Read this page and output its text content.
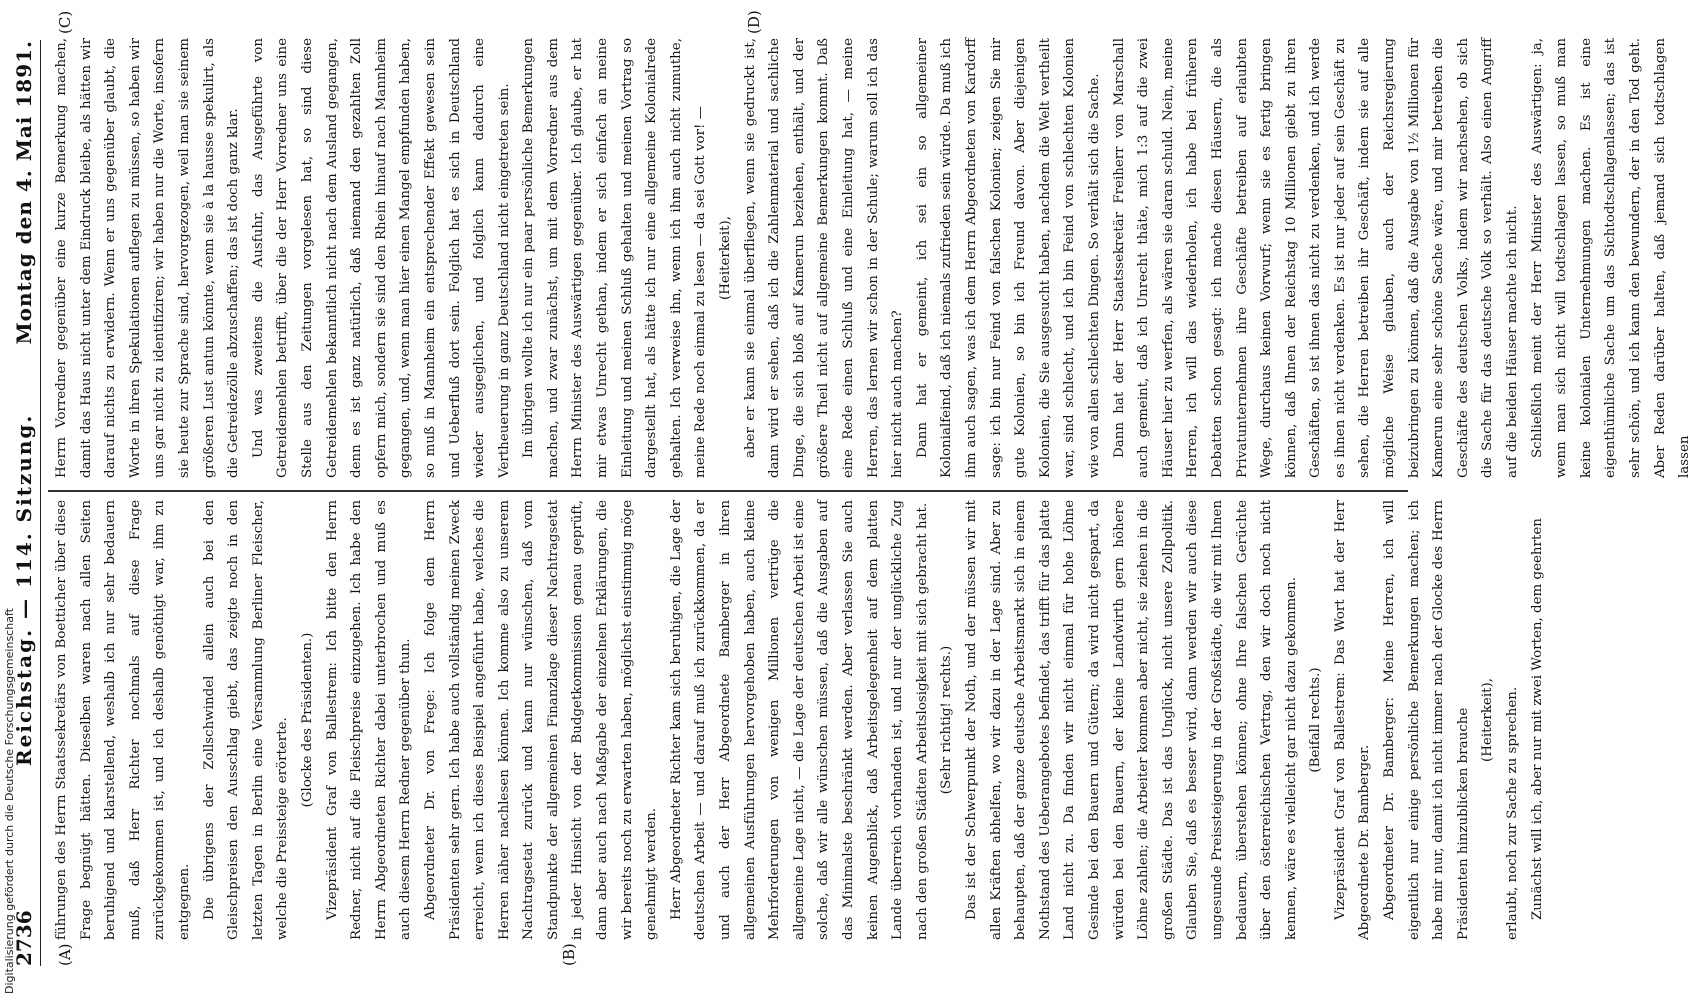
2736
Reichstag. — 114. Sitzung.
Montag den 4. Mai 1891.
(A)	(B)
(C)	(D)

führungen des Herrn Staatssekretärs von Boetticher über diese Frage begnügt hätten. Dieselben waren nach allen Seiten beruhigend und klarstellend, weshalb ich nur sehr bedauern muß, daß Herr Richter nochmals auf diese Frage zurückgekommen ist, und ich deshalb genöthigt war, ihm zu entgegnen. Die übrigens der Zollschwindel allein auch bei den Gleischpreisen den Ausschlag giebt, das zeigte noch in den letzten Tagen in Berlin eine Versammlung Berliner Fleischer, welche die Preissteige erörterte. (Glocke des Präsidenten.) Vizepräsident Graf von Ballestrem: Ich bitte den Herrn Redner, nicht auf die Fleischpreise einzugehen. Ich habe den Herrn Abgeordneten Richter dabei unterbrochen und muß es auch diesem Herrn Redner gegenüber thun. Abgeordneter Dr. von Frege: Ich folge dem Herrn Präsidenten sehr gern. Ich habe auch vollständig meinen Zweck erreicht, wenn ich dieses Beispiel angeführt habe, welches die Herren näher nachlesen können. Ich komme also zu unserem Nachtragsetat zurück und kann nur wünschen, daß vom Standpunkte der allgemeinen Finanzlage dieser Nachtragsetat in jeder Hinsicht von der Budgetkommission genau geprüft, dann aber auch nach Maßgabe der einzelnen Erklärungen, die wir bereits noch zu erwarten haben, möglichst einstimmig möge genehmigt werden. Herr Abgeordneter Richter kam sich beruhigen, die Lage der deutschen Arbeit — und darauf muß ich zurückkommen, da er und auch der Herr Abgeordnete Bamberger in ihren allgemeinen Ausführungen hervorgehoben haben, auch kleine Mehrforderungen von wenigen Millionen vertrüge die allgemeine Lage nicht, — die Lage der deutschen Arbeit ist eine solche, daß wir alle wünschen müssen, daß die Ausgaben auf das Minimalste beschränkt werden. Aber verlassen Sie auch keinen Augenblick, daß Arbeitsgelegenheit auf dem platten Lande überreich vorhanden ist, und nur der unglückliche Zug nach den großen Städten Arbeitslosigkeit mit sich gebracht hat. (Sehr richtig! rechts.) Das ist der Schwerpunkt der Noth, und der müssen wir mit allen Kräften abhelfen, wo wir dazu in der Lage sind. Aber zu behaupten, daß der ganze deutsche Arbeitsmarkt sich in einem Nothstand des Ueberangebotes befindet, das trifft für das platte Land nicht zu. Da finden wir nicht einmal für hohe Löhne Gesinde bei den Bauern und Gütern; da wird nicht gespart, da würden bei den Bauern, der kleine Landwirth gern höhere Löhne zahlen; die Arbeiter kommen aber nicht, sie ziehen in die großen Städte. Das ist das Unglück, nicht unsere Zollpolitik. Glauben Sie, daß es besser wird, dann werden wir auch diese ungesunde Preissteigerung in der Großstädte, die wir mit Ihnen bedauern, überstehen können; ohne Ihre falschen Gerüchte über den österreichischen Vertrag, den wir doch noch nicht kennen, wäre es vielleicht gar nicht dazu gekommen. (Beifall rechts.) Vizepräsident Graf von Ballestrem: Das Wort hat der Herr Abgeordnete Dr. Bamberger. Abgeordneter Dr. Bamberger: Meine Herren, ich will eigentlich nur einige persönliche Bemerkungen machen; ich habe mir nur, damit ich nicht immer nach der Glocke des Herrn Präsidenten hinzublicken brauche (Heiterkeit), erlaubt, noch zur Sache zu sprechen. Zunächst will ich, aber nur mit zwei Worten, dem geehrten

Herrn Vorredner gegenüber eine kurze Bemerkung machen, damit das Haus nicht unter dem Eindruck bleibe, als hätten wir darauf nichts zu erwidern. Wenn er uns gegenüber glaubt, die Worte in ihren Spekulationen auflegen zu müssen, so haben wir uns gar nicht zu identifiziren; wir haben nur die Worte, insofern sie heute zur Sprache sind, hervorgezogen, weil man sie seinem größeren Lust antun könnte, wenn sie à la hausse spekulirt, als die Getreidezölle abzuschaffen; das ist doch ganz klar. Und was zweitens die Ausfuhr, das Ausgeführte von Getreidemehlen betrifft, über die der Herr Vorredner uns eine Stelle aus den Zeitungen vorgelesen hat, so sind diese Getreidemehlen bekanntlich nicht nach dem Ausland gegangen, denn es ist ganz natürlich, daß niemand den gezahlten Zoll opfern mich, sondern sie sind den Rhein hinauf nach Mannheim gegangen, und, wenn man hier einen Mangel empfunden haben, so muß in Mannheim ein entsprechender Effekt gewesen sein und Ueberfluß dort sein. Folglich hat es sich in Deutschland wieder ausgeglichen, und folglich kann dadurch eine Vertheuerung in ganz Deutschland nicht eingetreten sein. Im übrigen wollte ich nur ein paar persönliche Bemerkungen machen, und zwar zunächst, um mit dem Vorredner aus dem Herrn Minister des Auswärtigen gegenüber. Ich glaube, er hat mir etwas Unrecht gethan, indem er sich einfach an meine Einleitung und meinen Schluß gehalten und meinen Vortrag so dargestellt hat, als hätte ich nur eine allgemeine Kolonialrede gehalten. Ich verweise ihn, wenn ich ihm auch nicht zumuthe, meine Rede noch einmal zu lesen — da sei Gott vor! — (Heiterkeit), aber er kann sie einmal überfliegen, wenn sie gedruckt ist, dann wird er sehen, daß ich die Zahlenmaterial und sachliche Dinge, die sich bloß auf Kamerun beziehen, enthält, und der größere Theil nicht auf allgemeine Bemerkungen kommt. Daß eine Rede einen Schluß und eine Einleitung hat, — meine Herren, das lernen wir schon in der Schule; warum soll ich das hier nicht auch machen? Dann hat er gemeint, ich sei ein so allgemeiner Kolonialfeind, daß ich niemals zufrieden sein würde. Da muß ich ihm auch sagen, was ich dem Herrn Abgeordneten von Kardorff sage: ich bin nur Feind von falschen Kolonien; zeigen Sie mir gute Kolonien, so bin ich Freund davon. Aber diejenigen Kolonien, die Sie ausgesucht haben, nachdem die Welt vertheilt war, sind schlecht, und ich bin Feind von schlechten Kolonien wie von allen schlechten Dingen. So verhält sich die Sache. Dann hat der Herr Staatssekretär Freiherr von Marschall auch gemeint, daß ich Unrecht thäte, mich 1:3 auf die zwei Häuser hier zu werfen, als wären sie daran schuld. Nein, meine Herren, ich will das wiederholen, ich habe bei früheren Debatten schon gesagt: ich mache diesen Häusern, die als Privatunternehmen ihre Geschäfte betreiben auf erlaubten Wege, durchaus keinen Vorwurf; wenn sie es fertig bringen können, daß Ihnen der Reichstag 10 Millionen giebt zu ihren Geschäften, so ist ihnen das nicht zu verdenken, und ich werde es ihnen nicht verdenken. Es ist nur jeder auf sein Geschäft zu sehen, die Herren betreiben ihr Geschäft, indem sie auf alle mögliche Weise glauben, auch der Reichsregierung beizubringen zu können, daß die Ausgabe von 1½ Millionen für Kamerun eine sehr schöne Sache wäre, und mir betreiben die Geschäfte des deutschen Volks, indem wir nachsehen, ob sich die Sache für das deutsche Volk so verhält. Also einen Angriff auf die beiden Häuser machte ich nicht. Schließlich meint der Herr Minister des Auswärtigen: ja, wenn man sich nicht will todtschlagen lassen, so muß man keine kolonialen Unternehmungen machen. Es ist eine eigenthümliche Sache um das Sichtodtschlagenlassen; das ist sehr schön, und ich kann den bewundern, der in den Tod geht. Aber Reden darüber halten, daß jemand sich todtschlagen lassen

Digitalisierung gefördert durch die Deutsche Forschungsgemeinschaft
